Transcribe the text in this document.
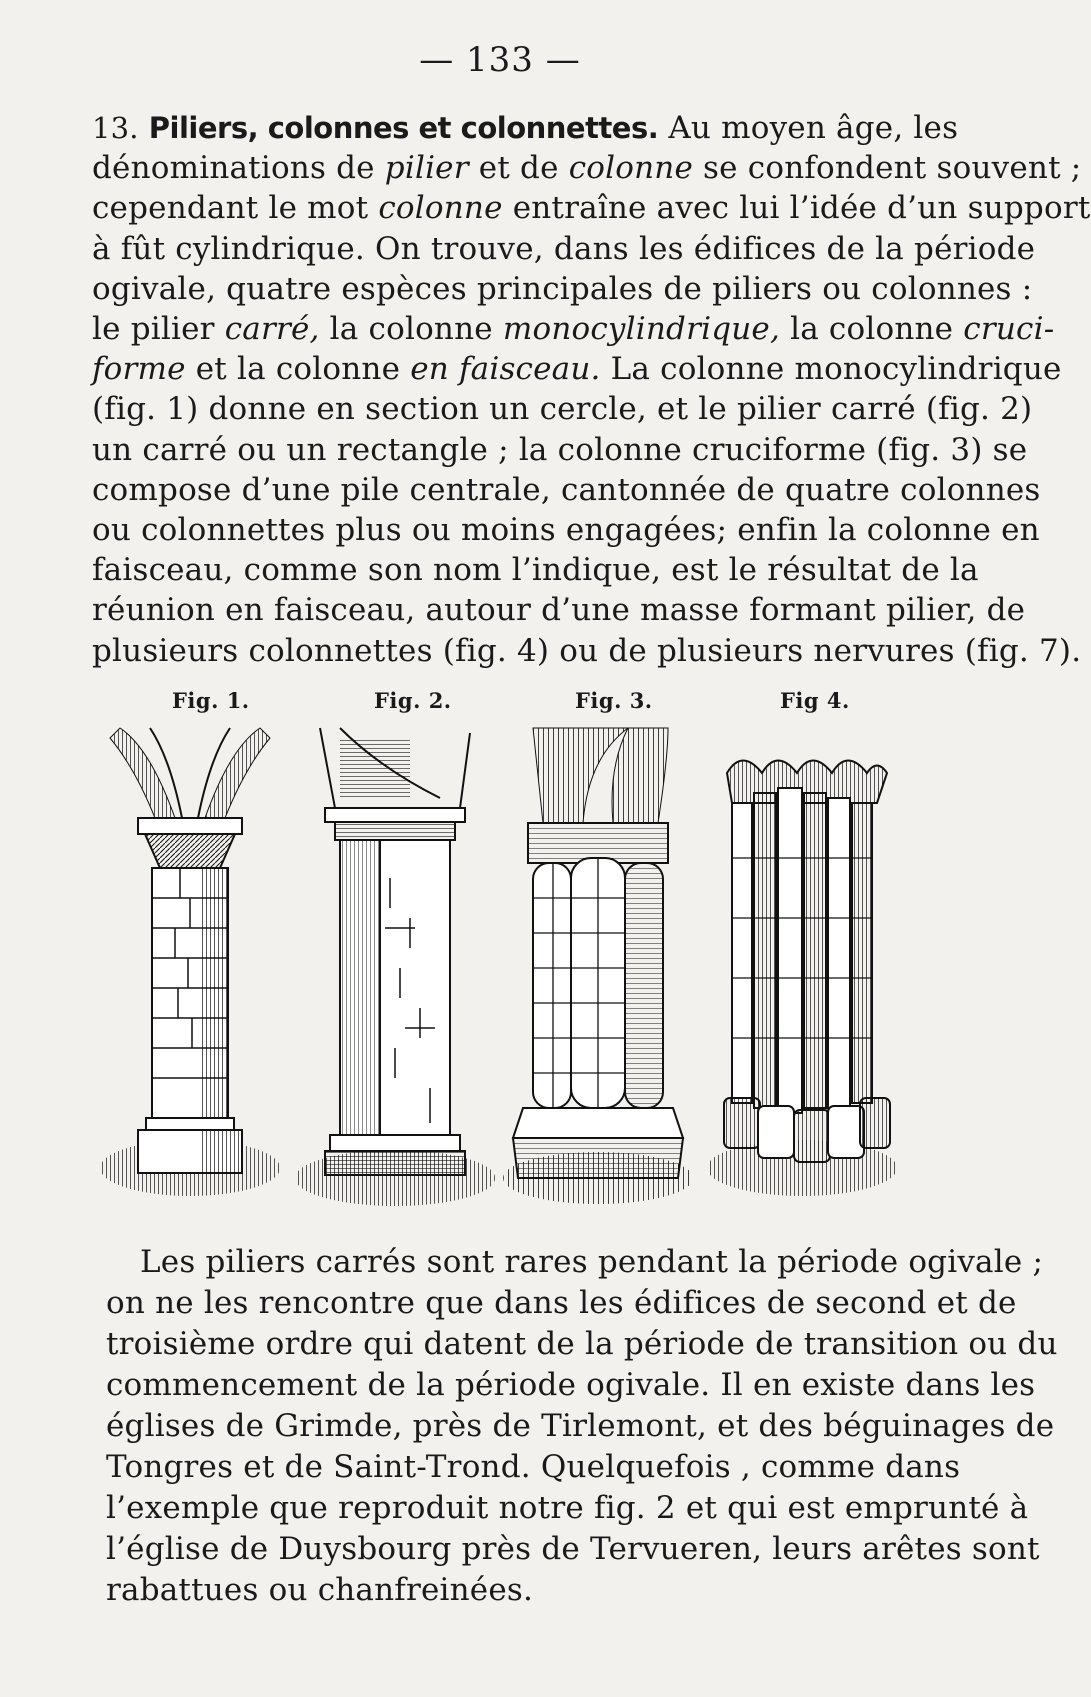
— 133 —
13. Piliers, colonnes et colonnettes. Au moyen âge, les
dénominations de pilier et de colonne se confondent souvent ;
cependant le mot colonne entraîne avec lui l’idée d’un support
à fût cylindrique. On trouve, dans les édifices de la période
ogivale, quatre espèces principales de piliers ou colonnes :
le pilier carré, la colonne monocylindrique, la colonne cruci-
forme et la colonne en faisceau. La colonne monocylindrique
(fig. 1) donne en section un cercle, et le pilier carré (fig. 2)
un carré ou un rectangle ; la colonne cruciforme (fig. 3) se
compose d’une pile centrale, cantonnée de quatre colonnes
ou colonnettes plus ou moins engagées; enfin la colonne en
faisceau, comme son nom l’indique, est le résultat de la
réunion en faisceau, autour d’une masse formant pilier, de
plusieurs colonnettes (fig. 4) ou de plusieurs nervures (fig. 7).
Fig. 1.	Fig. 2.	Fig. 3.	Fig 4.
Les piliers carrés sont rares pendant la période ogivale ;
on ne les rencontre que dans les édifices de second et de
troisième ordre qui datent de la période de transition ou du
commencement de la période ogivale. Il en existe dans les
églises de Grimde, près de Tirlemont, et des béguinages de
Tongres et de Saint-Trond. Quelquefois , comme dans
l’exemple que reproduit notre fig. 2 et qui est emprunté à
l’église de Duysbourg près de Tervueren, leurs arêtes sont
rabattues ou chanfreinées.
